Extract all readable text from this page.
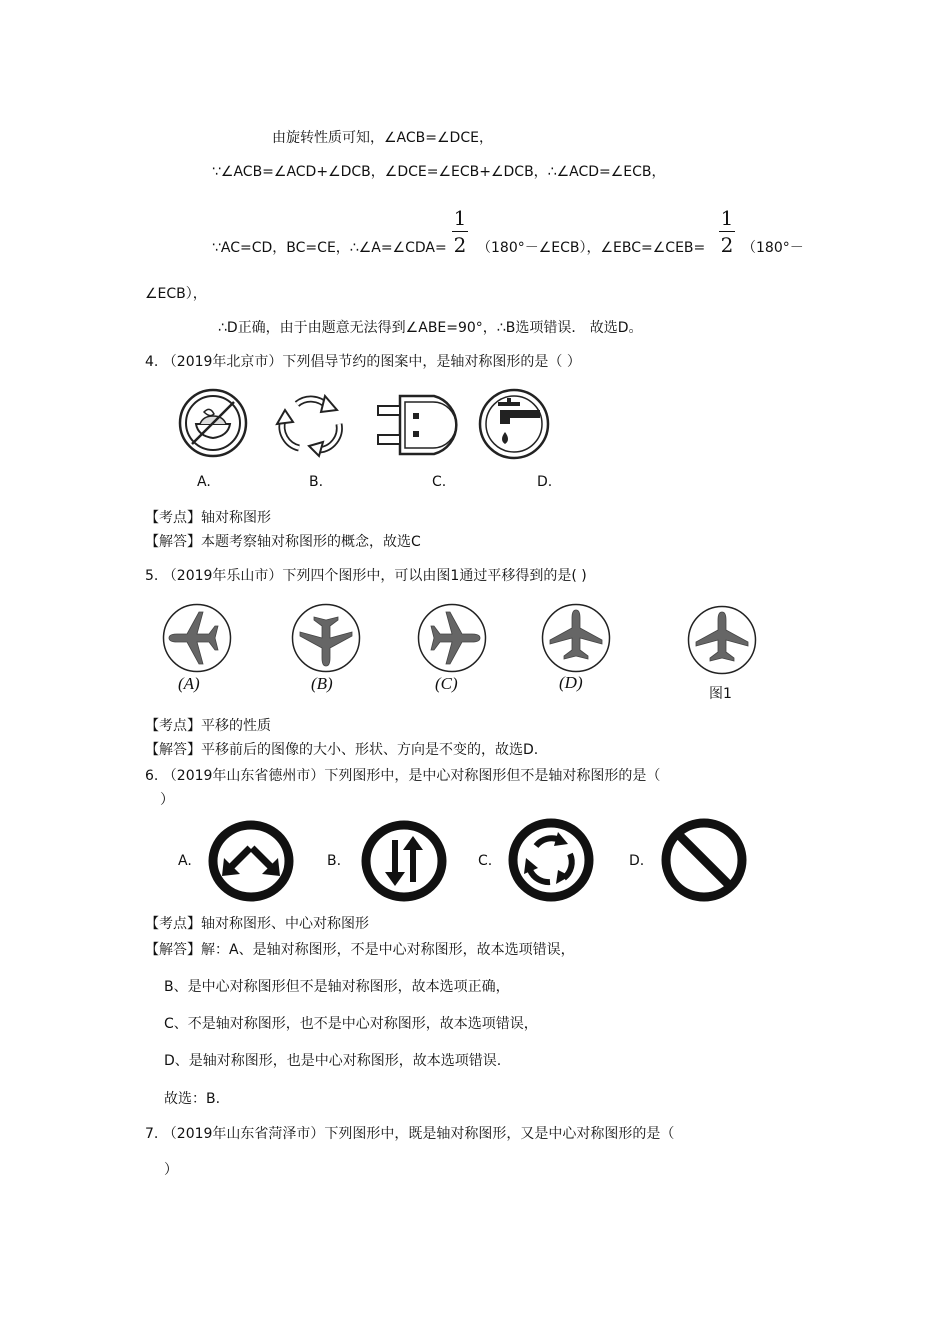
由旋转性质可知，∠ACB=∠DCE，
∵∠ACB=∠ACD+∠DCB，∠DCE=∠ECB+∠DCB，∴∠ACD=∠ECB，
∵AC=CD，BC=CE，∴∠A=∠CDA=
1
2 （180°－∠ECB），∠EBC=∠CEB=
1
2 （180°－
∠ECB），
∴D正确，由于由题意无法得到∠ABE=90°，∴B选项错误． 故选D。
4. （2019年北京市）下列倡导节约的图案中，是轴对称图形的是（ ）
A.	B.	C.	D.
【考点】轴对称图形
【解答】本题考察轴对称图形的概念，故选C
5. （2019年乐山市）下列四个图形中，可以由图1通过平移得到的是( )
(A)	(B)	(C)	(D)
图1
【考点】平移的性质
【解答】平移前后的图像的大小、形状、方向是不变的，故选D.
6. （2019年山东省德州市）下列图形中，是中心对称图形但不是轴对称图形的是（
）
A.	B.	C.	D.
【考点】轴对称图形、中心对称图形
【解答】解：A、是轴对称图形，不是中心对称图形，故本选项错误，
B、是中心对称图形但不是轴对称图形，故本选项正确，
C、不是轴对称图形，也不是中心对称图形，故本选项错误，
D、是轴对称图形，也是中心对称图形，故本选项错误.
故选：B.
7. （2019年山东省菏泽市）下列图形中，既是轴对称图形，又是中心对称图形的是（
）
